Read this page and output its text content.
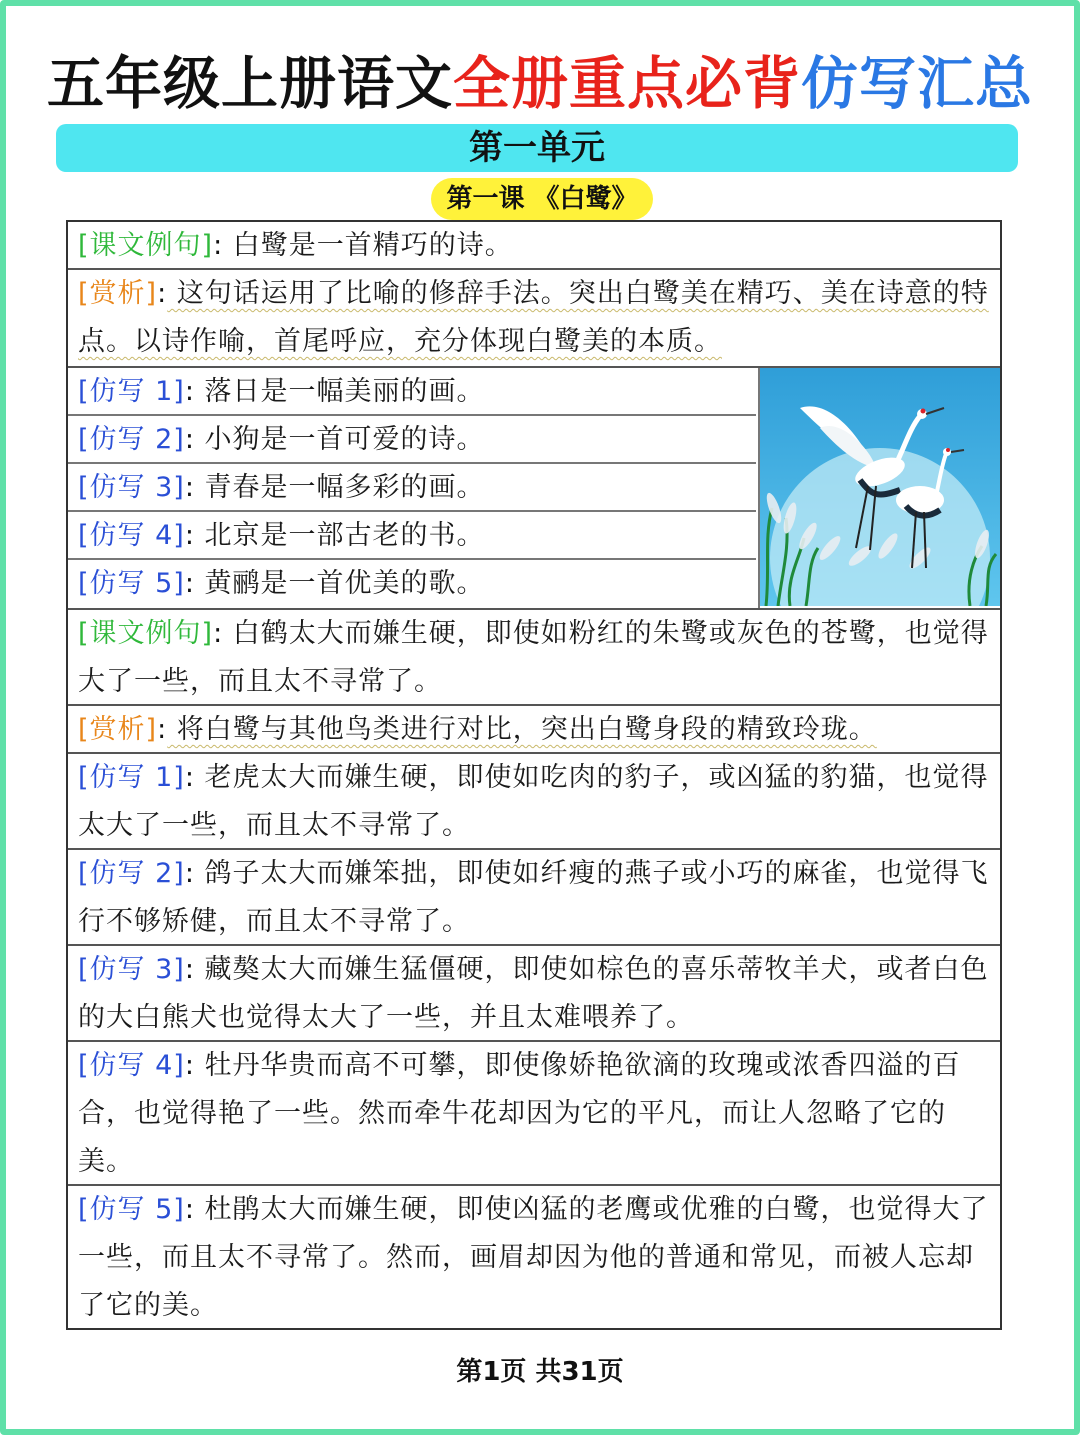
五年级上册语文全册重点必背仿写汇总
第一单元
第一课 《白鹭》
[课文例句]: 白鹭是一首精巧的诗。
[赏析]: 这句话运用了比喻的修辞手法。突出白鹭美在精巧、美在诗意的特点。以诗作喻，首尾呼应，充分体现白鹭美的本质。
[仿写 1]: 落日是一幅美丽的画。
[仿写 2]: 小狗是一首可爱的诗。
[仿写 3]: 青春是一幅多彩的画。
[仿写 4]: 北京是一部古老的书。
[仿写 5]: 黄鹂是一首优美的歌。
[课文例句]: 白鹤太大而嫌生硬，即使如粉红的朱鹭或灰色的苍鹭，也觉得大了一些，而且太不寻常了。
[赏析]: 将白鹭与其他鸟类进行对比，突出白鹭身段的精致玲珑。
[仿写 1]: 老虎太大而嫌生硬，即使如吃肉的豹子，或凶猛的豹猫，也觉得太大了一些，而且太不寻常了。
[仿写 2]: 鸽子太大而嫌笨拙，即使如纤瘦的燕子或小巧的麻雀，也觉得飞行不够矫健，而且太不寻常了。
[仿写 3]: 藏獒太大而嫌生猛僵硬，即使如棕色的喜乐蒂牧羊犬，或者白色的大白熊犬也觉得太大了一些，并且太难喂养了。
[仿写 4]: 牡丹华贵而高不可攀，即使像娇艳欲滴的玫瑰或浓香四溢的百合，也觉得艳了一些。然而牵牛花却因为它的平凡，而让人忽略了它的美。
[仿写 5]: 杜鹃太大而嫌生硬，即使凶猛的老鹰或优雅的白鹭，也觉得大了一些，而且太不寻常了。然而，画眉却因为他的普通和常见，而被人忘却了它的美。
第1页 共31页
